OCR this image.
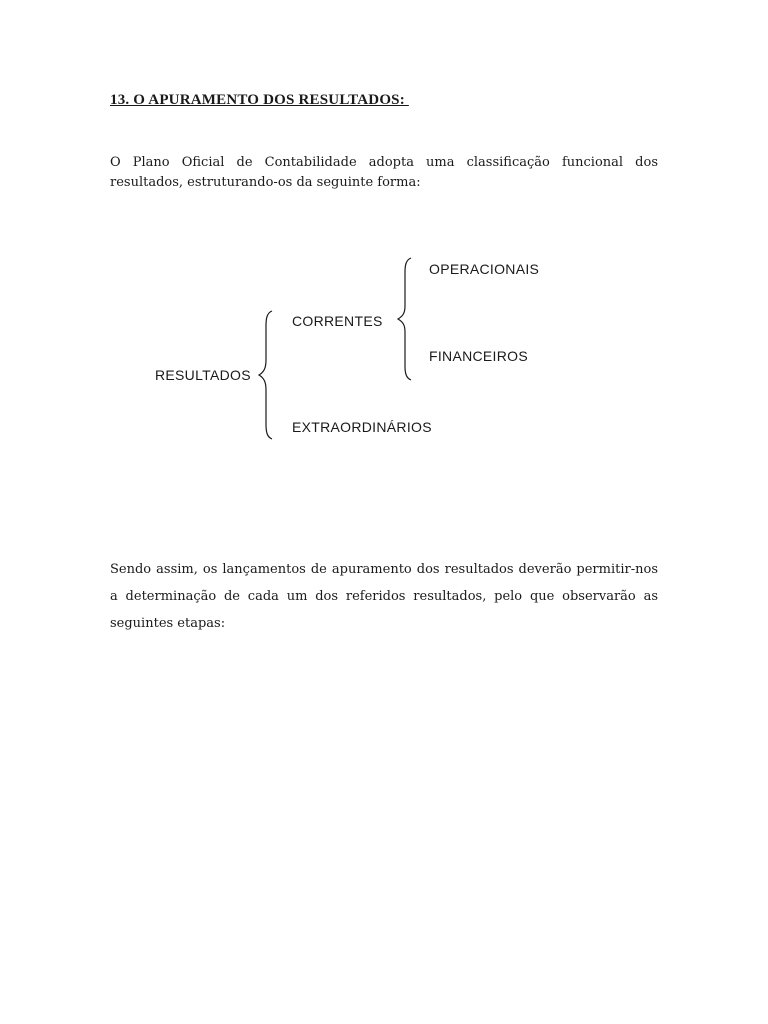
13. O APURAMENTO DOS RESULTADOS:

O Plano Oficial de Contabilidade adopta uma classificação funcional dos resultados, estruturando-os da seguinte forma:

RESULTADOS
CORRENTES
EXTRAORDINÁRIOS
OPERACIONAIS
FINANCEIROS

Sendo assim, os lançamentos de apuramento dos resultados deverão permitir-nos a determinação de cada um dos referidos resultados, pelo que observarão as seguintes etapas:
